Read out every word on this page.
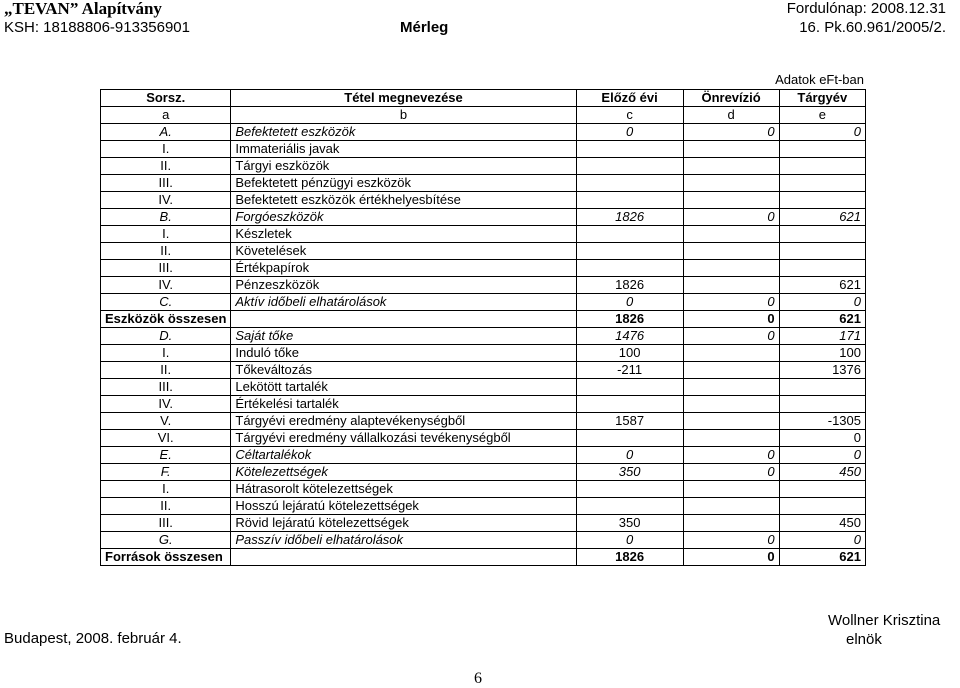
„TEVAN” Alapítvány
KSH: 18188806-913356901	Mérleg
Fordulónap: 2008.12.31
16. Pk.60.961/2005/2.
Adatok eFt-ban
Sorsz.	Tétel megnevezése	Előző évi	Önrevízió	Tárgyév
a	b	c	d	e
A.	Befektetett eszközök	0	0	0
I.	Immateriális javak			
II.	Tárgyi eszközök			
III.	Befektetett pénzügyi eszközök			
IV.	Befektetett eszközök értékhelyesbítése			
B.	Forgóeszközök	1826	0	621
I.	Készletek			
II.	Követelések			
III.	Értékpapírok			
IV.	Pénzeszközök	1826		621
C.	Aktív időbeli elhatárolások	0	0	0
Eszközök összesen		1826	0	621
D.	Saját tőke	1476	0	171
I.	Induló tőke	100		100
II.	Tőkeváltozás	-211		1376
III.	Lekötött tartalék			
IV.	Értékelési tartalék			
V.	Tárgyévi eredmény alaptevékenységből	1587		-1305
VI.	Tárgyévi eredmény vállalkozási tevékenységből			0
E.	Céltartalékok	0	0	0
F.	Kötelezettségek	350	0	450
I.	Hátrasorolt kötelezettségek			
II.	Hosszú lejáratú kötelezettségek			
III.	Rövid lejáratú kötelezettségek	350		450
G.	Passzív időbeli elhatárolások	0	0	0
Források összesen		1826	0	621
Budapest, 2008. február 4.
Wollner Krisztina
elnök
6
